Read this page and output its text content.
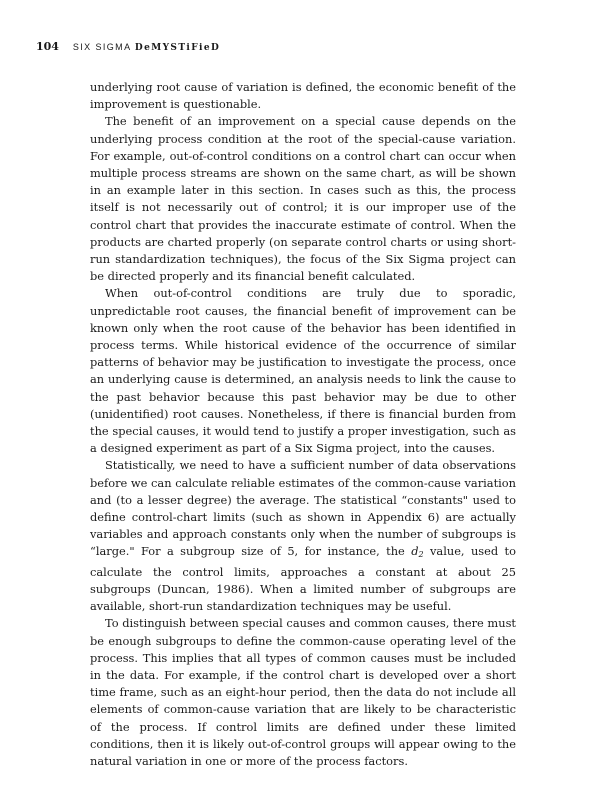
104 SIX SIGMA DeMYSTiFieD

underlying root cause of variation is defined, the economic benefit of the improvement is questionable.

The benefit of an improvement on a special cause depends on the underlying process condition at the root of the special-cause variation. For example, out-of-control conditions on a control chart can occur when multiple process streams are shown on the same chart, as will be shown in an example later in this section. In cases such as this, the process itself is not necessarily out of control; it is our improper use of the control chart that provides the inaccurate estimate of control. When the products are charted properly (on separate control charts or using short-run standardization techniques), the focus of the Six Sigma project can be directed properly and its financial benefit calculated.

When out-of-control conditions are truly due to sporadic, unpredictable root causes, the financial benefit of improvement can be known only when the root cause of the behavior has been identified in process terms. While historical evidence of the occurrence of similar patterns of behavior may be justification to investigate the process, once an underlying cause is determined, an analysis needs to link the cause to the past behavior because this past behavior may be due to other (unidentified) root causes. Nonetheless, if there is financial burden from the special causes, it would tend to justify a proper investigation, such as a designed experiment as part of a Six Sigma project, into the causes.

Statistically, we need to have a sufficient number of data observations before we can calculate reliable estimates of the common-cause variation and (to a lesser degree) the average. The statistical “constants" used to define control-chart limits (such as shown in Appendix 6) are actually variables and approach constants only when the number of subgroups is “large." For a subgroup size of 5, for instance, the $d_2$ value, used to calculate the control limits, approaches a constant at about 25 subgroups (Duncan, 1986). When a limited number of subgroups are available, short-run standardization techniques may be useful.

To distinguish between special causes and common causes, there must be enough subgroups to define the common-cause operating level of the process. This implies that all types of common causes must be included in the data. For example, if the control chart is developed over a short time frame, such as an eight-hour period, then the data do not include all elements of common-cause variation that are likely to be characteristic of the process. If control limits are defined under these limited conditions, then it is likely out-of-control groups will appear owing to the natural variation in one or more of the process factors.
